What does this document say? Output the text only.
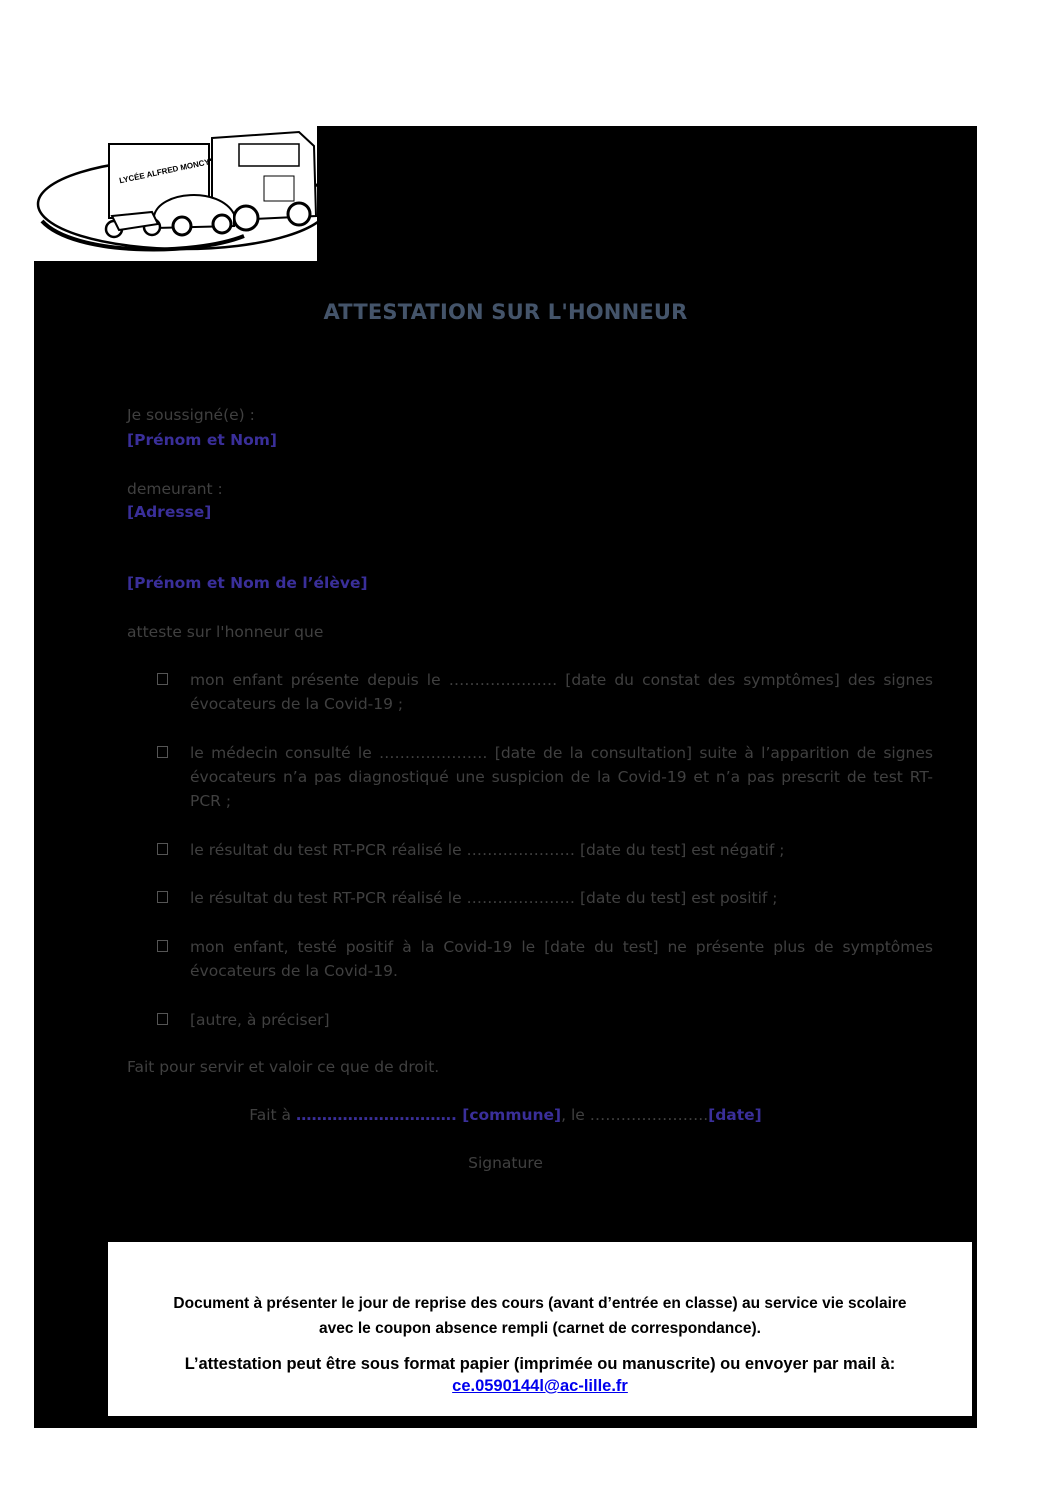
LYCÉE ALFRED MONCY
ATTESTATION SUR L'HONNEUR
Je soussigné(e) :
[Prénom et Nom]
demeurant :
[Adresse]
[Prénom et Nom de l’élève]
atteste sur l'honneur que
mon enfant présente depuis le ………………… [date du constat des symptômes] des signes évocateurs de la Covid-19 ;
le médecin consulté le ………………… [date de la consultation] suite à l’apparition de signes évocateurs n’a pas diagnostiqué une suspicion de la Covid-19 et n’a pas prescrit de test RT-PCR ;
le résultat du test RT-PCR réalisé le ………………… [date du test] est négatif ;
le résultat du test RT-PCR réalisé le ………………… [date du test] est positif ;
mon enfant, testé positif à la Covid-19 le [date du test] ne présente plus de symptômes évocateurs de la Covid-19.
[autre, à préciser]
Fait pour servir et valoir ce que de droit.
Fait à …………………………. [commune], le …………………..[date]
Signature
Document à présenter le jour de reprise des cours (avant d’entrée en classe) au service vie scolaire
avec le coupon absence rempli (carnet de correspondance).
L’attestation peut être sous format papier (imprimée ou manuscrite) ou envoyer par mail à:
ce.0590144l@ac-lille.fr
